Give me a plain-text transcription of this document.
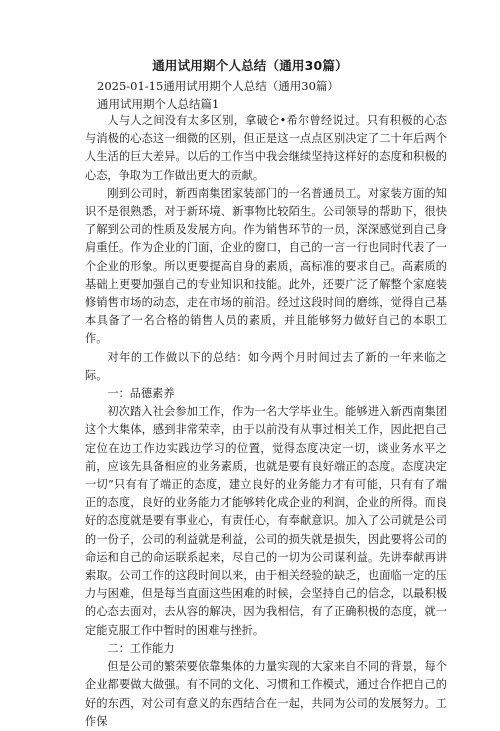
通用试用期个人总结（通用30篇）
2025-01-15通用试用期个人总结（通用30篇）
通用试用期个人总结篇1

人与人之间没有太多区别，拿破仑•希尔曾经说过。只有积极的心态与消极的心态这一细微的区别，但正是这一点点区别决定了二十年后两个人生活的巨大差异。以后的工作当中我会继续坚持这样好的态度和积极的心态，争取为工作做出更大的贡献。

刚到公司时，新西南集团家装部门的一名普通员工。对家装方面的知识不是很熟悉，对于新环境、新事物比较陌生。公司领导的帮助下，很快了解到公司的性质及发展方向。作为销售环节的一员，深深感觉到自己身肩重任。作为企业的门面，企业的窗口，自己的一言一行也同时代表了一个企业的形象。所以更要提高自身的素质，高标准的要求自己。高素质的基础上更要加强自己的专业知识和技能。此外，还要广泛了解整个家庭装修销售市场的动态，走在市场的前沿。经过这段时间的磨练，觉得自己基本具备了一名合格的销售人员的素质，并且能够努力做好自己的本职工作。

对年的工作做以下的总结：如今两个月时间过去了新的一年来临之际。

一：品德素养

初次踏入社会参加工作，作为一名大学毕业生。能够进入新西南集团这个大集体，感到非常荣幸，由于以前没有从事过相关工作，因此把自己定位在边工作边实践边学习的位置，觉得态度决定一切，谈业务水平之前，应该先具备相应的业务素质，也就是要有良好端正的态度。态度决定一切”只有有了端正的态度，建立良好的业务能力才有可能，只有有了端正的态度，良好的业务能力才能够转化成企业的利润，企业的所得。而良好的态度就是要有事业心，有责任心，有奉献意识。加入了公司就是公司的一份子，公司的利益就是利益，公司的损失就是损失，因此要将公司的命运和自己的命运联系起来，尽自己的一切为公司谋利益。先讲奉献再讲索取。公司工作的这段时间以来，由于相关经验的缺乏，也面临一定的压力与困难，但是每当直面这些困难的时候，会坚持自己的信念，以最积极的心态去面对，去从容的解决，因为我相信，有了正确积极的态度，就一定能克服工作中暂时的困难与挫折。

二：工作能力

但是公司的繁荣要依靠集体的力量实现的大家来自不同的背景，每个企业都要做大做强。有不同的文化、习惯和工作模式，通过合作把自己的好的东西，对公司有意义的东西结合在一起，共同为公司的发展努力。工作保
